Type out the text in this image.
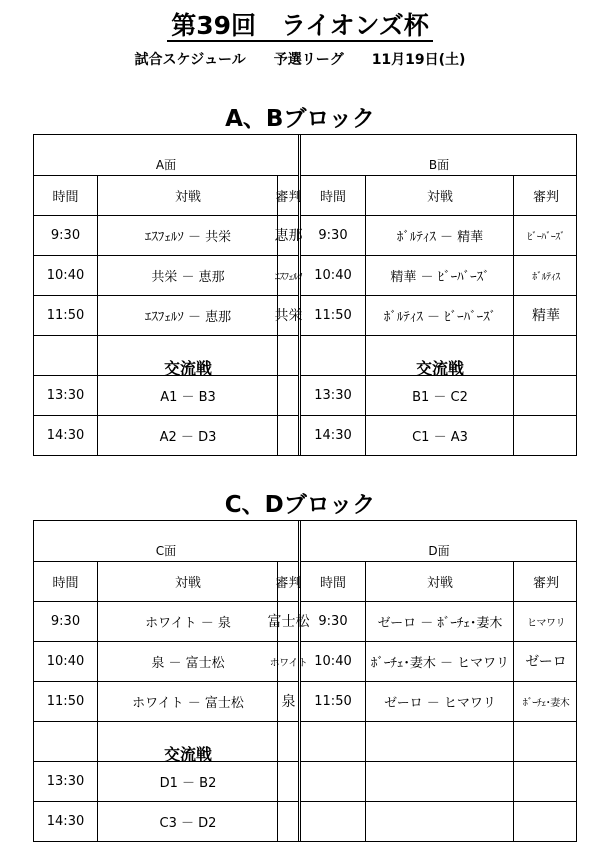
第39回　ライオンズ杯
試合スケジュール　　予選リーグ　　11月19日(土)
A、Bブロック
A面
時間	対戦	審判
9:30	ｴｽﾌｪﾙｿ － 共栄	恵那
10:40	共栄 － 恵那	ｴｽﾌｪﾙｿ
11:50	ｴｽﾌｪﾙｿ － 恵那	共栄
交流戦
13:30	A1 － B3
14:30	A2 － D3
B面
時間	対戦	審判
9:30	ﾎﾞﾙﾃｨｽ － 精華	ﾋﾞｰﾊﾞｰｽﾞ
10:40	精華 － ﾋﾞｰﾊﾞｰｽﾞ	ﾎﾞﾙﾃｨｽ
11:50	ﾎﾞﾙﾃｨｽ － ﾋﾞｰﾊﾞｰｽﾞ	精華
交流戦
13:30	B1 － C2
14:30	C1 － A3
C、Dブロック
C面
時間	対戦	審判
9:30	ホワイト － 泉	富士松
10:40	泉 － 富士松	ホワイト
11:50	ホワイト － 富士松	泉
交流戦
13:30	D1 － B2
14:30	C3 － D2
D面
時間	対戦	審判
9:30	ゼーロ － ﾎﾞｰﾁｪ･妻木	ヒマワリ
10:40	ﾎﾞｰﾁｪ･妻木 － ヒマワリ	ゼーロ
11:50	ゼーロ － ヒマワリ	ﾎﾞｰﾁｪ･妻木
